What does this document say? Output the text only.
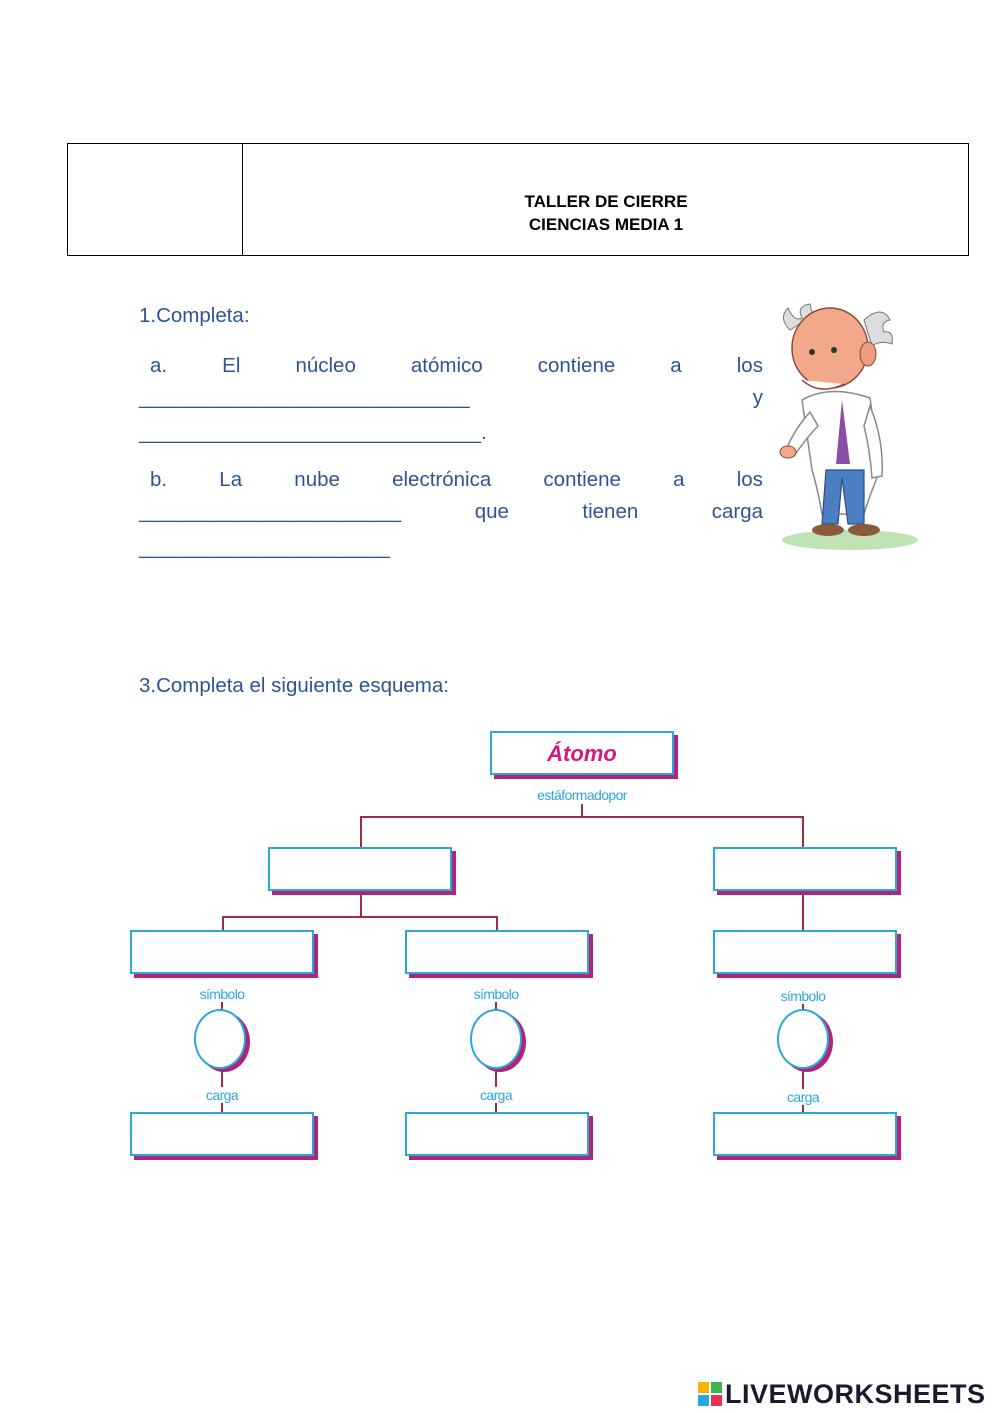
TALLER DE CIERRE
CIENCIAS MEDIA 1
1.Completa:
a.	El	núcleo	atómico	contiene	a	los
_____________________________	y
______________________________.
b.	La	nube	electrónica	contiene	a	los
_______________________	que	tienen	carga
______________________
3.Completa el siguiente esquema:
Átomo
estáformadopor
símbolo
carga
símbolo
carga
símbolo
carga
LIVEWORKSHEETS
